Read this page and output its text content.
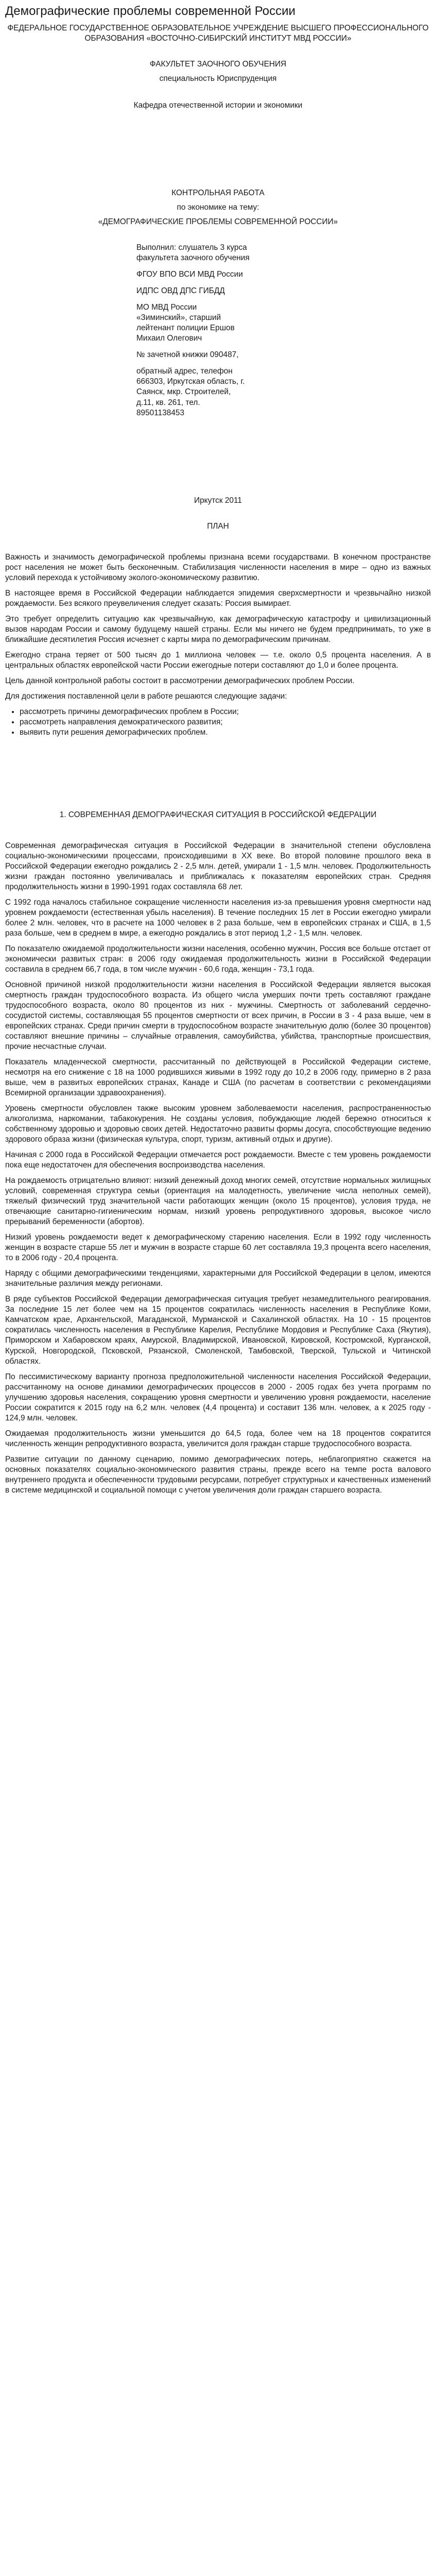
Демографические проблемы современной России
ФЕДЕРАЛЬНОЕ ГОСУДАРСТВЕННОЕ ОБРАЗОВАТЕЛЬНОЕ УЧРЕЖДЕНИЕ ВЫСШЕГО ПРОФЕССИОНАЛЬНОГО ОБРАЗОВАНИЯ «ВОСТОЧНО-СИБИРСКИЙ ИНСТИТУТ МВД РОССИИ»
ФАКУЛЬТЕТ ЗАОЧНОГО ОБУЧЕНИЯ
специальность Юриспруденция
Кафедра отечественной истории и экономики
КОНТРОЛЬНАЯ РАБОТА
по экономике на тему:
«ДЕМОГРАФИЧЕСКИЕ ПРОБЛЕМЫ СОВРЕМЕННОЙ РОССИИ»

Выполнил: слушатель 3 курса факультета заочного обучения

ФГОУ ВПО ВСИ МВД России

ИДПС ОВД ДПС ГИБДД

МО МВД России «Зиминский», старший лейтенант полиции Ершов Михаил Олегович

№ зачетной книжки 090487,

обратный адрес, телефон 666303, Иркутская область, г. Саянск, мкр. Строителей, д.11, кв. 261, тел. 89501138453

Иркутск 2011
ПЛАН

Важность и значимость демографической проблемы признана всеми государствами. В конечном пространстве рост населения не может быть бесконечным. Стабилизация численности населения в мире – одно из важных условий перехода к устойчивому эколого-экономическому развитию.

В настоящее время в Российской Федерации наблюдается эпидемия сверхсмертности и чрезвычайно низкой рождаемости. Без всякого преувеличения следует сказать: Россия вымирает.

Это требует определить ситуацию как чрезвычайную, как демографическую катастрофу и цивилизационный вызов народам России и самому будущему нашей страны. Если мы ничего не будем предпринимать, то уже в ближайшие десятилетия Россия исчезнет с карты мира по демографическим причинам.

Ежегодно страна теряет от 500 тысяч до 1 миллиона человек — т.е. около 0,5 процента населения. А в центральных областях европейской части России ежегодные потери составляют до 1,0 и более процента.

Цель данной контрольной работы состоит в рассмотрении демографических проблем России.

Для достижения поставленной цели в работе решаются следующие задачи:

• рассмотреть причины демографических проблем в России;
• рассмотреть направления демократического развития;
• выявить пути решения демографических проблем.
1. СОВРЕМЕННАЯ ДЕМОГРАФИЧЕСКАЯ СИТУАЦИЯ В РОССИЙСКОЙ ФЕДЕРАЦИИ

Современная демографическая ситуация в Российской Федерации в значительной степени обусловлена социально-экономическими процессами, происходившими в XX веке. Во второй половине прошлого века в Российской Федерации ежегодно рождались 2 - 2,5 млн. детей, умирали 1 - 1,5 млн. человек. Продолжительность жизни граждан постоянно увеличивалась и приближалась к показателям европейских стран. Средняя продолжительность жизни в 1990-1991 годах составляла 68 лет.

С 1992 года началось стабильное сокращение численности населения из-за превышения уровня смертности над уровнем рождаемости (естественная убыль населения). В течение последних 15 лет в России ежегодно умирали более 2 млн. человек, что в расчете на 1000 человек в 2 раза больше, чем в европейских странах и США, в 1,5 раза больше, чем в среднем в мире, а ежегодно рождались в этот период 1,2 - 1,5 млн. человек.

По показателю ожидаемой продолжительности жизни населения, особенно мужчин, Россия все больше отстает от экономически развитых стран: в 2006 году ожидаемая продолжительность жизни в Российской Федерации составила в среднем 66,7 года, в том числе мужчин - 60,6 года, женщин - 73,1 года.

Основной причиной низкой продолжительности жизни населения в Российской Федерации является высокая смертность граждан трудоспособного возраста. Из общего числа умерших почти треть составляют граждане трудоспособного возраста, около 80 процентов из них - мужчины. Смертность от заболеваний сердечно-сосудистой системы, составляющая 55 процентов смертности от всех причин, в России в 3 - 4 раза выше, чем в европейских странах. Среди причин смерти в трудоспособном возрасте значительную долю (более 30 процентов) составляют внешние причины – случайные отравления, самоубийства, убийства, транспортные происшествия, прочие несчастные случаи.

Показатель младенческой смертности, рассчитанный по действующей в Российской Федерации системе, несмотря на его снижение с 18 на 1000 родившихся живыми в 1992 году до 10,2 в 2006 году, примерно в 2 раза выше, чем в развитых европейских странах, Канаде и США (по расчетам в соответствии с рекомендациями Всемирной организации здравоохранения).

Уровень смертности обусловлен также высоким уровнем заболеваемости населения, распространенностью алкоголизма, наркомании, табакокурения. Не созданы условия, побуждающие людей бережно относиться к собственному здоровью и здоровью своих детей. Недостаточно развиты формы досуга, способствующие ведению здорового образа жизни (физическая культура, спорт, туризм, активный отдых и другие).

Начиная с 2000 года в Российской Федерации отмечается рост рождаемости. Вместе с тем уровень рождаемости пока еще недостаточен для обеспечения воспроизводства населения.

На рождаемость отрицательно влияют: низкий денежный доход многих семей, отсутствие нормальных жилищных условий, современная структура семьи (ориентация на малодетность, увеличение числа неполных семей), тяжелый физический труд значительной части работающих женщин (около 15 процентов), условия труда, не отвечающие санитарно-гигиеническим нормам, низкий уровень репродуктивного здоровья, высокое число прерываний беременности (абортов).

Низкий уровень рождаемости ведет к демографическому старению населения. Если в 1992 году численность женщин в возрасте старше 55 лет и мужчин в возрасте старше 60 лет составляла 19,3 процента всего населения, то в 2006 году - 20,4 процента.

Наряду с общими демографическими тенденциями, характерными для Российской Федерации в целом, имеются значительные различия между регионами.

В ряде субъектов Российской Федерации демографическая ситуация требует незамедлительного реагирования. За последние 15 лет более чем на 15 процентов сократилась численность населения в Республике Коми, Камчатском крае, Архангельской, Магаданской, Мурманской и Сахалинской областях. На 10 - 15 процентов сократилась численность населения в Республике Карелия, Республике Мордовия и Республике Саха (Якутия), Приморском и Хабаровском краях, Амурской, Владимирской, Ивановской, Кировской, Костромской, Курганской, Курской, Новгородской, Псковской, Рязанской, Смоленской, Тамбовской, Тверской, Тульской и Читинской областях.

По пессимистическому варианту прогноза предположительной численности населения Российской Федерации, рассчитанному на основе динамики демографических процессов в 2000 - 2005 годах без учета программ по улучшению здоровья населения, сокращению уровня смертности и увеличению уровня рождаемости, население России сократится к 2015 году на 6,2 млн. человек (4,4 процента) и составит 136 млн. человек, а к 2025 году - 124,9 млн. человек.

Ожидаемая продолжительность жизни уменьшится до 64,5 года, более чем на 18 процентов сократится численность женщин репродуктивного возраста, увеличится доля граждан старше трудоспособного возраста.

Развитие ситуации по данному сценарию, помимо демографических потерь, неблагоприятно скажется на основных показателях социально-экономического развития страны, прежде всего на темпе роста валового внутреннего продукта и обеспеченности трудовыми ресурсами, потребует структурных и качественных изменений в системе медицинской и социальной помощи с учетом увеличения доли граждан старшего возраста.
